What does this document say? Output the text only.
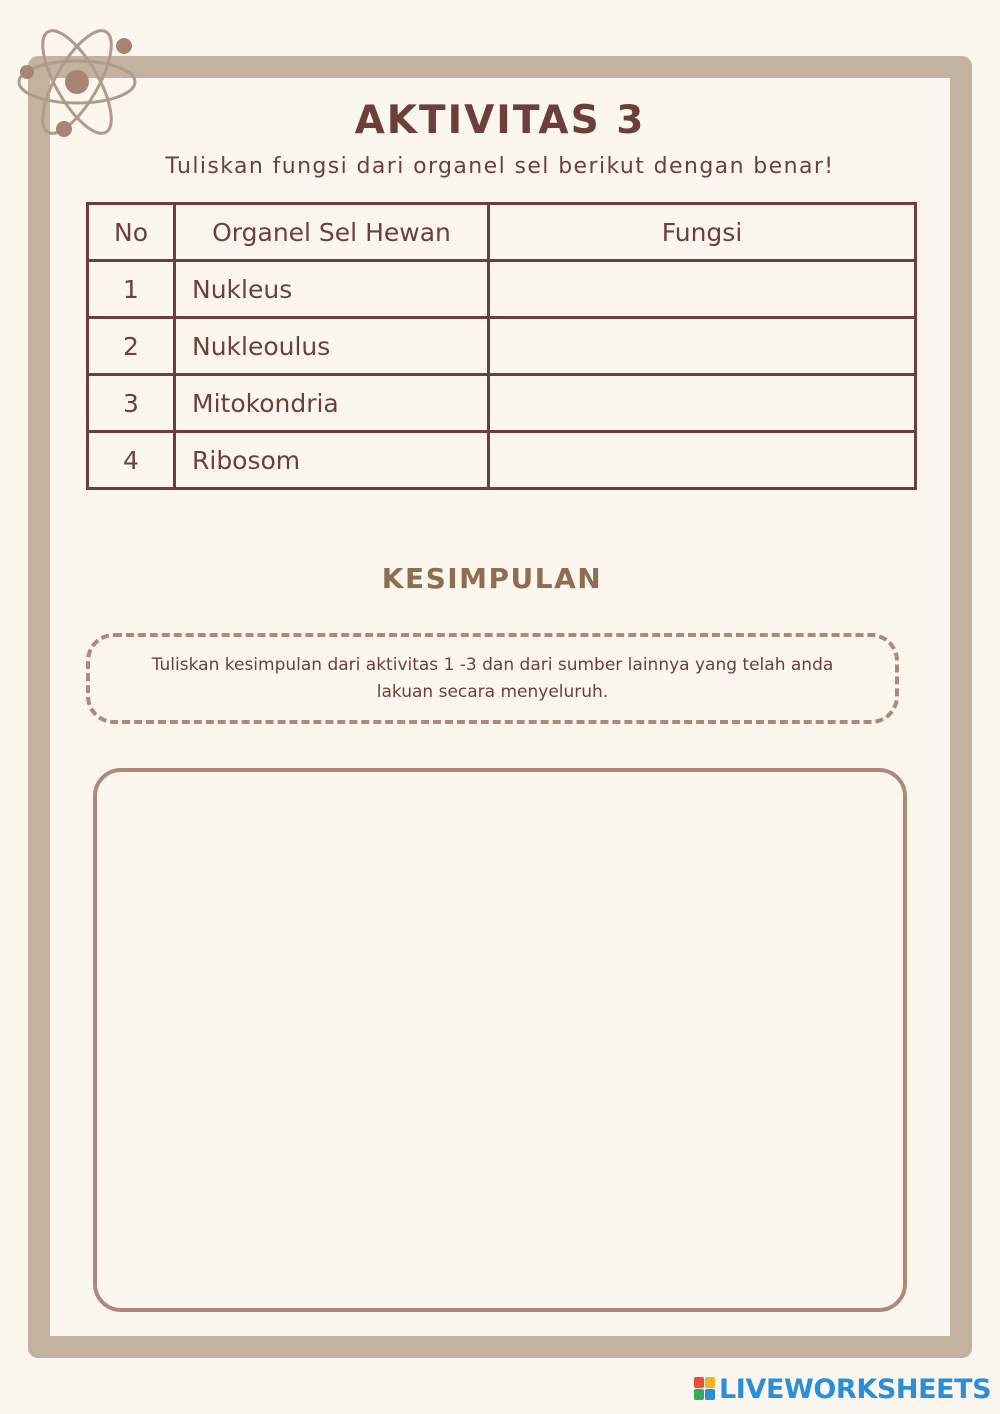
AKTIVITAS 3
Tuliskan fungsi dari organel sel berikut dengan benar!
No	Organel Sel Hewan	Fungsi
1	Nukleus	
2	Nukleoulus	
3	Mitokondria	
4	Ribosom	
KESIMPULAN
Tuliskan kesimpulan dari aktivitas 1 -3 dan dari sumber lainnya yang telah anda
lakuan secara menyeluruh.
LIVEWORKSHEETS
